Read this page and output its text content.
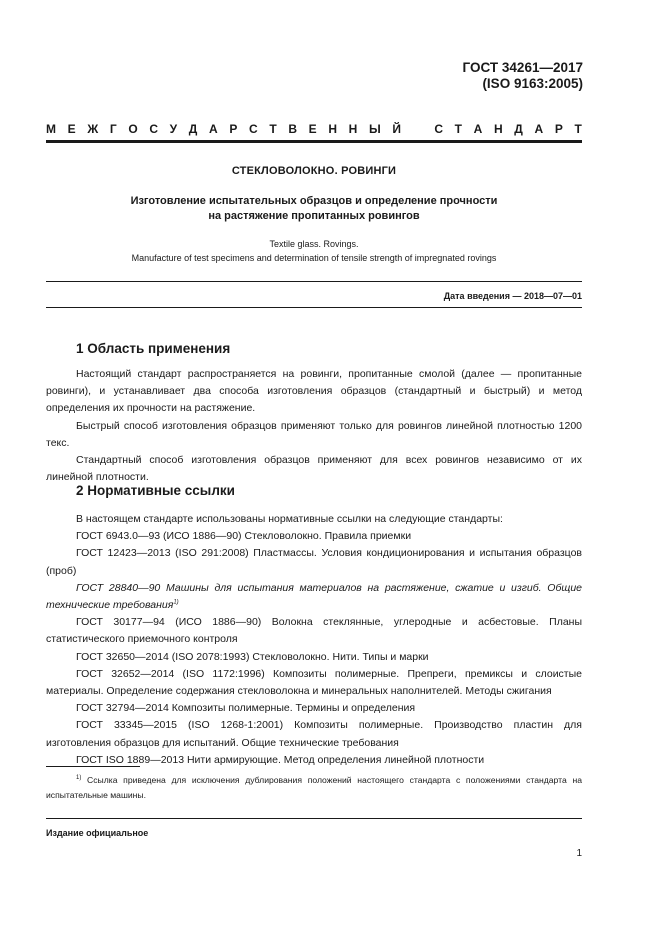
ГОСТ 34261—2017
(ISO 9163:2005)
М Е Ж Г О С У Д А Р С Т В Е Н Н Ы Й	С Т А Н Д А Р Т
СТЕКЛОВОЛОКНО. РОВИНГИ
Изготовление испытательных образцов и определение прочности
на растяжение пропитанных ровингов
Textile glass. Rovings.
Manufacture of test specimens and determination of tensile strength of impregnated rovings
Дата введения — 2018—07—01
1 Область применения
Настоящий стандарт распространяется на ровинги, пропитанные смолой (далее — пропитанные ровинги), и устанавливает два способа изготовления образцов (стандартный и быстрый) и метод определения их прочности на растяжение.
Быстрый способ изготовления образцов применяют только для ровингов линейной плотностью 1200 текс.
Стандартный способ изготовления образцов применяют для всех ровингов независимо от их линейной плотности.
2 Нормативные ссылки
В настоящем стандарте использованы нормативные ссылки на следующие стандарты:
ГОСТ 6943.0—93 (ИСО 1886—90) Стекловолокно. Правила приемки
ГОСТ 12423—2013 (ISO 291:2008) Пластмассы. Условия кондиционирования и испытания образцов (проб)
ГОСТ 28840—90 Машины для испытания материалов на растяжение, сжатие и изгиб. Общие технические требования$^{1)}$
ГОСТ 30177—94 (ИСО 1886—90) Волокна стеклянные, углеродные и асбестовые. Планы статистического приемочного контроля
ГОСТ 32650—2014 (ISO 2078:1993) Стекловолокно. Нити. Типы и марки
ГОСТ 32652—2014 (ISO 1172:1996) Композиты полимерные. Препреги, премиксы и слоистые материалы. Определение содержания стекловолокна и минеральных наполнителей. Методы сжигания
ГОСТ 32794—2014 Композиты полимерные. Термины и определения
ГОСТ 33345—2015 (ISO 1268-1:2001) Композиты полимерные. Производство пластин для изготовления образцов для испытаний. Общие технические требования
ГОСТ ISO 1889—2013 Нити армирующие. Метод определения линейной плотности
$^{1)}$ Ссылка приведена для исключения дублирования положений настоящего стандарта с положениями стандарта на испытательные машины.
Издание официальное
1
